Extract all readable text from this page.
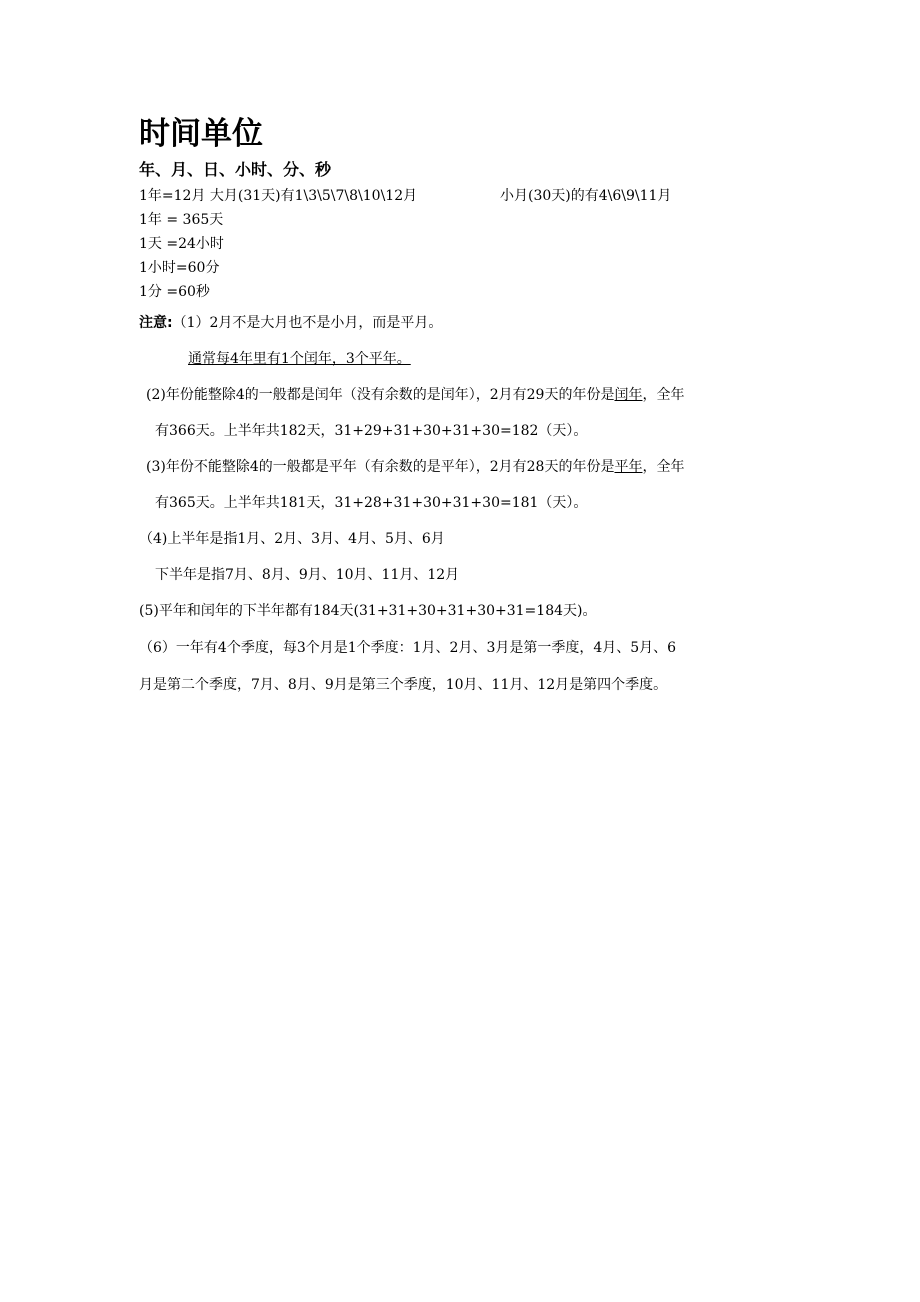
时间单位
年、月、日、小时、分、秒
1年=12月 大月(31天)有1\3\5\7\8\10\12月	小月(30天)的有4\6\9\11月
1年 = 365天
1天 =24小时
1小时=60分
1分 =60秒
注意:（1）2月不是大月也不是小月，而是平月。
通常每4年里有1个闰年，3个平年。
(2)年份能整除4的一般都是闰年（没有余数的是闰年），2月有29天的年份是闰年，全年
有366天。上半年共182天，31+29+31+30+31+30=182（天）。
(3)年份不能整除4的一般都是平年（有余数的是平年），2月有28天的年份是平年，全年
有365天。上半年共181天，31+28+31+30+31+30=181（天）。
（4)上半年是指1月、2月、3月、4月、5月、6月
下半年是指7月、8月、9月、10月、11月、12月
(5)平年和闰年的下半年都有184天(31+31+30+31+30+31=184天)。
（6）一年有4个季度，每3个月是1个季度：1月、2月、3月是第一季度，4月、5月、6
月是第二个季度，7月、8月、9月是第三个季度，10月、11月、12月是第四个季度。
